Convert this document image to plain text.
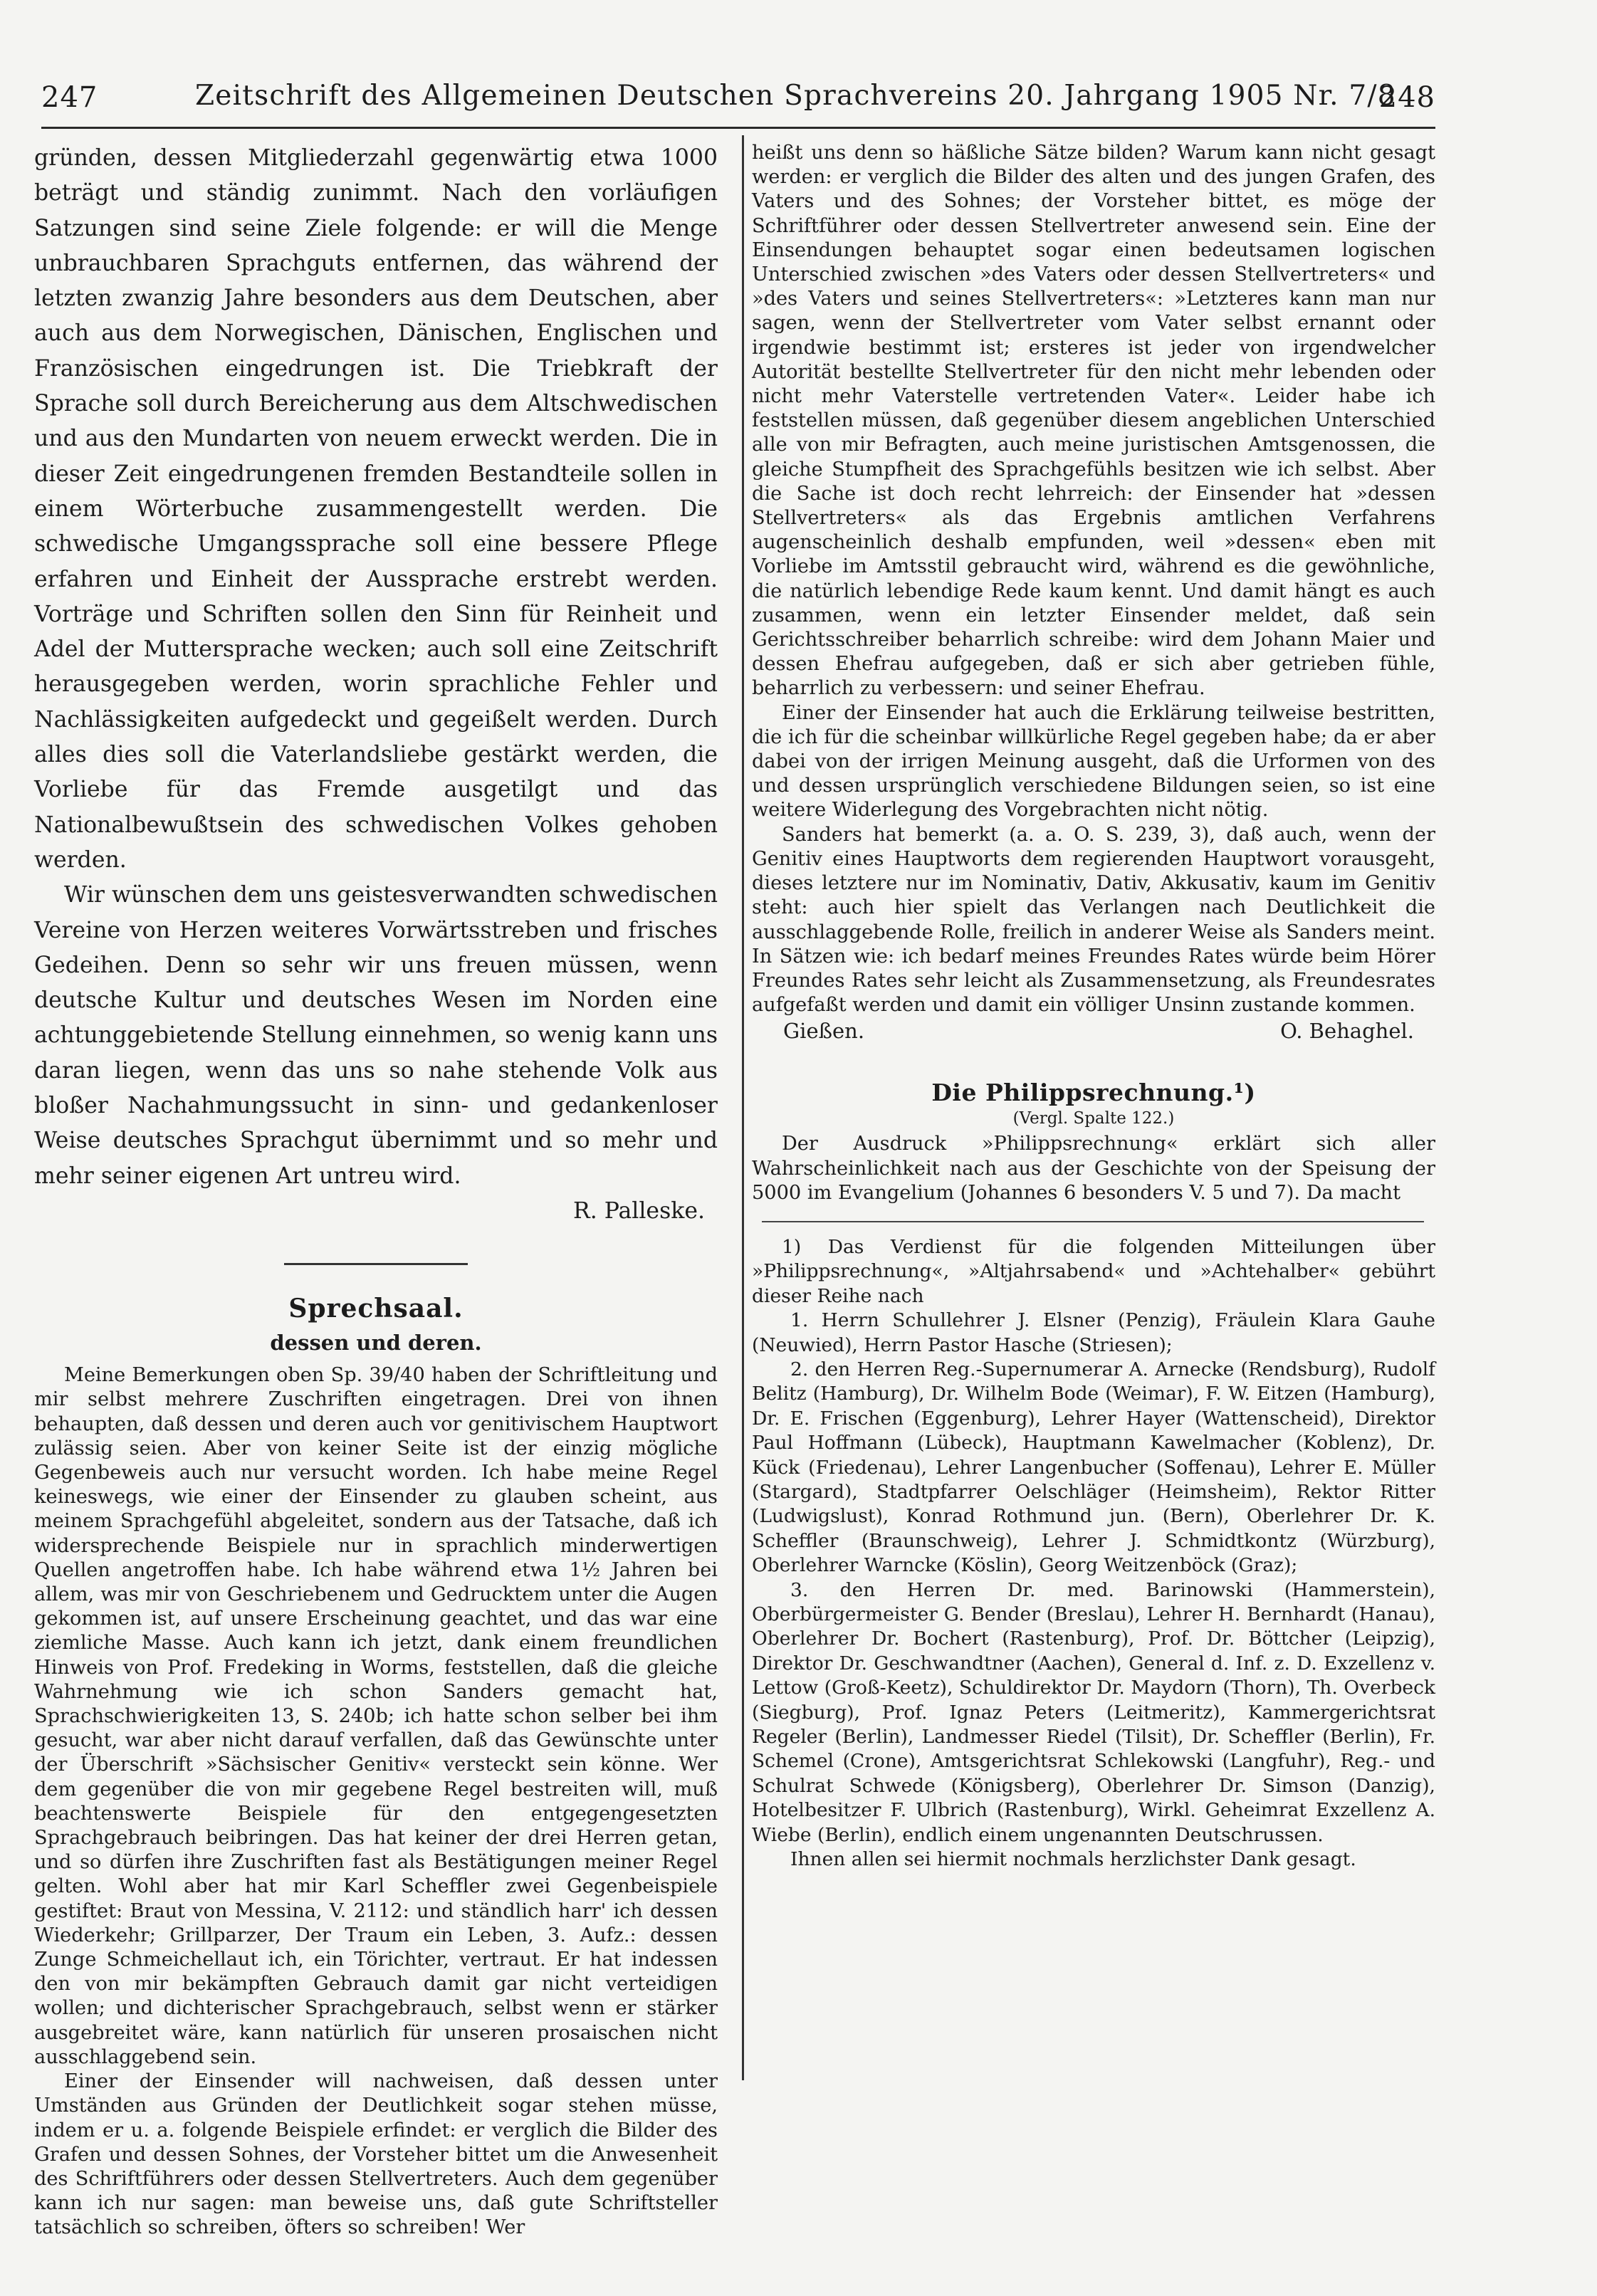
247	Zeitschrift des Allgemeinen Deutschen Sprachvereins 20. Jahrgang 1905 Nr. 7/8
248

gründen, dessen Mitgliederzahl gegenwärtig etwa 1000 beträgt und ständig zunimmt. Nach den vorläufigen Satzungen sind seine Ziele folgende: er will die Menge unbrauchbaren Sprachguts entfernen, das während der letzten zwanzig Jahre besonders aus dem Deutschen, aber auch aus dem Norwegischen, Dänischen, Englischen und Französischen eingedrungen ist. Die Triebkraft der Sprache soll durch Bereicherung aus dem Altschwedischen und aus den Mundarten von neuem erweckt werden. Die in dieser Zeit eingedrungenen fremden Bestandteile sollen in einem Wörterbuche zusammengestellt werden. Die schwedische Umgangssprache soll eine bessere Pflege erfahren und Einheit der Aussprache erstrebt werden. Vorträge und Schriften sollen den Sinn für Reinheit und Adel der Muttersprache wecken; auch soll eine Zeitschrift herausgegeben werden, worin sprachliche Fehler und Nachlässigkeiten aufgedeckt und gegeißelt werden. Durch alles dies soll die Vaterlandsliebe gestärkt werden, die Vorliebe für das Fremde ausgetilgt und das Nationalbewußtsein des schwedischen Volkes gehoben werden.

Wir wünschen dem uns geistesverwandten schwedischen Vereine von Herzen weiteres Vorwärtsstreben und frisches Gedeihen. Denn so sehr wir uns freuen müssen, wenn deutsche Kultur und deutsches Wesen im Norden eine achtunggebietende Stellung einnehmen, so wenig kann uns daran liegen, wenn das uns so nahe stehende Volk aus bloßer Nachahmungssucht in sinn- und gedankenloser Weise deutsches Sprachgut übernimmt und so mehr und mehr seiner eigenen Art untreu wird.

R. Palleske.

Sprechsaal.
dessen und deren.

Meine Bemerkungen oben Sp. 39/40 haben der Schriftleitung und mir selbst mehrere Zuschriften eingetragen. Drei von ihnen behaupten, daß dessen und deren auch vor genitivischem Hauptwort zulässig seien. Aber von keiner Seite ist der einzig mögliche Gegenbeweis auch nur versucht worden. Ich habe meine Regel keineswegs, wie einer der Einsender zu glauben scheint, aus meinem Sprachgefühl abgeleitet, sondern aus der Tatsache, daß ich widersprechende Beispiele nur in sprachlich minderwertigen Quellen angetroffen habe. Ich habe während etwa 1½ Jahren bei allem, was mir von Geschriebenem und Gedrucktem unter die Augen gekommen ist, auf unsere Erscheinung geachtet, und das war eine ziemliche Masse. Auch kann ich jetzt, dank einem freundlichen Hinweis von Prof. Fredeking in Worms, feststellen, daß die gleiche Wahrnehmung wie ich schon Sanders gemacht hat, Sprachschwierigkeiten 13, S. 240b; ich hatte schon selber bei ihm gesucht, war aber nicht darauf verfallen, daß das Gewünschte unter der Überschrift »Sächsischer Genitiv« versteckt sein könne. Wer dem gegenüber die von mir gegebene Regel bestreiten will, muß beachtenswerte Beispiele für den entgegengesetzten Sprachgebrauch beibringen. Das hat keiner der drei Herren getan, und so dürfen ihre Zuschriften fast als Bestätigungen meiner Regel gelten. Wohl aber hat mir Karl Scheffler zwei Gegenbeispiele gestiftet: Braut von Messina, V. 2112: und ständlich harr' ich dessen Wiederkehr; Grillparzer, Der Traum ein Leben, 3. Aufz.: dessen Zunge Schmeichellaut ich, ein Törichter, vertraut. Er hat indessen den von mir bekämpften Gebrauch damit gar nicht verteidigen wollen; und dichterischer Sprachgebrauch, selbst wenn er stärker ausgebreitet wäre, kann natürlich für unseren prosaischen nicht ausschlaggebend sein.

Einer der Einsender will nachweisen, daß dessen unter Umständen aus Gründen der Deutlichkeit sogar stehen müsse, indem er u. a. folgende Beispiele erfindet: er verglich die Bilder des Grafen und dessen Sohnes, der Vorsteher bittet um die Anwesenheit des Schriftführers oder dessen Stellvertreters. Auch dem gegenüber kann ich nur sagen: man beweise uns, daß gute Schriftsteller tatsächlich so schreiben, öfters so schreiben! Wer

heißt uns denn so häßliche Sätze bilden? Warum kann nicht gesagt werden: er verglich die Bilder des alten und des jungen Grafen, des Vaters und des Sohnes; der Vorsteher bittet, es möge der Schriftführer oder dessen Stellvertreter anwesend sein. Eine der Einsendungen behauptet sogar einen bedeutsamen logischen Unterschied zwischen »des Vaters oder dessen Stellvertreters« und »des Vaters und seines Stellvertreters«: »Letzteres kann man nur sagen, wenn der Stellvertreter vom Vater selbst ernannt oder irgendwie bestimmt ist; ersteres ist jeder von irgendwelcher Autorität bestellte Stellvertreter für den nicht mehr lebenden oder nicht mehr Vaterstelle vertretenden Vater«. Leider habe ich feststellen müssen, daß gegenüber diesem angeblichen Unterschied alle von mir Befragten, auch meine juristischen Amtsgenossen, die gleiche Stumpfheit des Sprachgefühls besitzen wie ich selbst. Aber die Sache ist doch recht lehrreich: der Einsender hat »dessen Stellvertreters« als das Ergebnis amtlichen Verfahrens augenscheinlich deshalb empfunden, weil »dessen« eben mit Vorliebe im Amtsstil gebraucht wird, während es die gewöhnliche, die natürlich lebendige Rede kaum kennt. Und damit hängt es auch zusammen, wenn ein letzter Einsender meldet, daß sein Gerichtsschreiber beharrlich schreibe: wird dem Johann Maier und dessen Ehefrau aufgegeben, daß er sich aber getrieben fühle, beharrlich zu verbessern: und seiner Ehefrau.

Einer der Einsender hat auch die Erklärung teilweise bestritten, die ich für die scheinbar willkürliche Regel gegeben habe; da er aber dabei von der irrigen Meinung ausgeht, daß die Urformen von des und dessen ursprünglich verschiedene Bildungen seien, so ist eine weitere Widerlegung des Vorgebrachten nicht nötig.

Sanders hat bemerkt (a. a. O. S. 239, 3), daß auch, wenn der Genitiv eines Hauptworts dem regierenden Hauptwort vorausgeht, dieses letztere nur im Nominativ, Dativ, Akkusativ, kaum im Genitiv steht: auch hier spielt das Verlangen nach Deutlichkeit die ausschlaggebende Rolle, freilich in anderer Weise als Sanders meint. In Sätzen wie: ich bedarf meines Freundes Rates würde beim Hörer Freundes Rates sehr leicht als Zusammensetzung, als Freundesrates aufgefaßt werden und damit ein völliger Unsinn zustande kommen.

Gießen.	O. Behaghel.
Die Philippsrechnung.¹)
(Vergl. Spalte 122.)

Der Ausdruck »Philippsrechnung« erklärt sich aller Wahrscheinlichkeit nach aus der Geschichte von der Speisung der 5000 im Evangelium (Johannes 6 besonders V. 5 und 7). Da macht

1) Das Verdienst für die folgenden Mitteilungen über »Philippsrechnung«, »Altjahrsabend« und »Achtehalber« gebührt dieser Reihe nach

1. Herrn Schullehrer J. Elsner (Penzig), Fräulein Klara Gauhe (Neuwied), Herrn Pastor Hasche (Striesen);

2. den Herren Reg.-Supernumerar A. Arnecke (Rendsburg), Rudolf Belitz (Hamburg), Dr. Wilhelm Bode (Weimar), F. W. Eitzen (Hamburg), Dr. E. Frischen (Eggenburg), Lehrer Hayer (Wattenscheid), Direktor Paul Hoffmann (Lübeck), Hauptmann Kawelmacher (Koblenz), Dr. Kück (Friedenau), Lehrer Langenbucher (Soffenau), Lehrer E. Müller (Stargard), Stadtpfarrer Oelschläger (Heimsheim), Rektor Ritter (Ludwigslust), Konrad Rothmund jun. (Bern), Oberlehrer Dr. K. Scheffler (Braunschweig), Lehrer J. Schmidtkontz (Würzburg), Oberlehrer Warncke (Köslin), Georg Weitzenböck (Graz);

3. den Herren Dr. med. Barinowski (Hammerstein), Oberbürgermeister G. Bender (Breslau), Lehrer H. Bernhardt (Hanau), Oberlehrer Dr. Bochert (Rastenburg), Prof. Dr. Böttcher (Leipzig), Direktor Dr. Geschwandtner (Aachen), General d. Inf. z. D. Exzellenz v. Lettow (Groß-Keetz), Schuldirektor Dr. Maydorn (Thorn), Th. Overbeck (Siegburg), Prof. Ignaz Peters (Leitmeritz), Kammergerichtsrat Regeler (Berlin), Landmesser Riedel (Tilsit), Dr. Scheffler (Berlin), Fr. Schemel (Crone), Amtsgerichtsrat Schlekowski (Langfuhr), Reg.- und Schulrat Schwede (Königsberg), Oberlehrer Dr. Simson (Danzig), Hotelbesitzer F. Ulbrich (Rastenburg), Wirkl. Geheimrat Exzellenz A. Wiebe (Berlin), endlich einem ungenannten Deutschrussen.

Ihnen allen sei hiermit nochmals herzlichster Dank gesagt.
